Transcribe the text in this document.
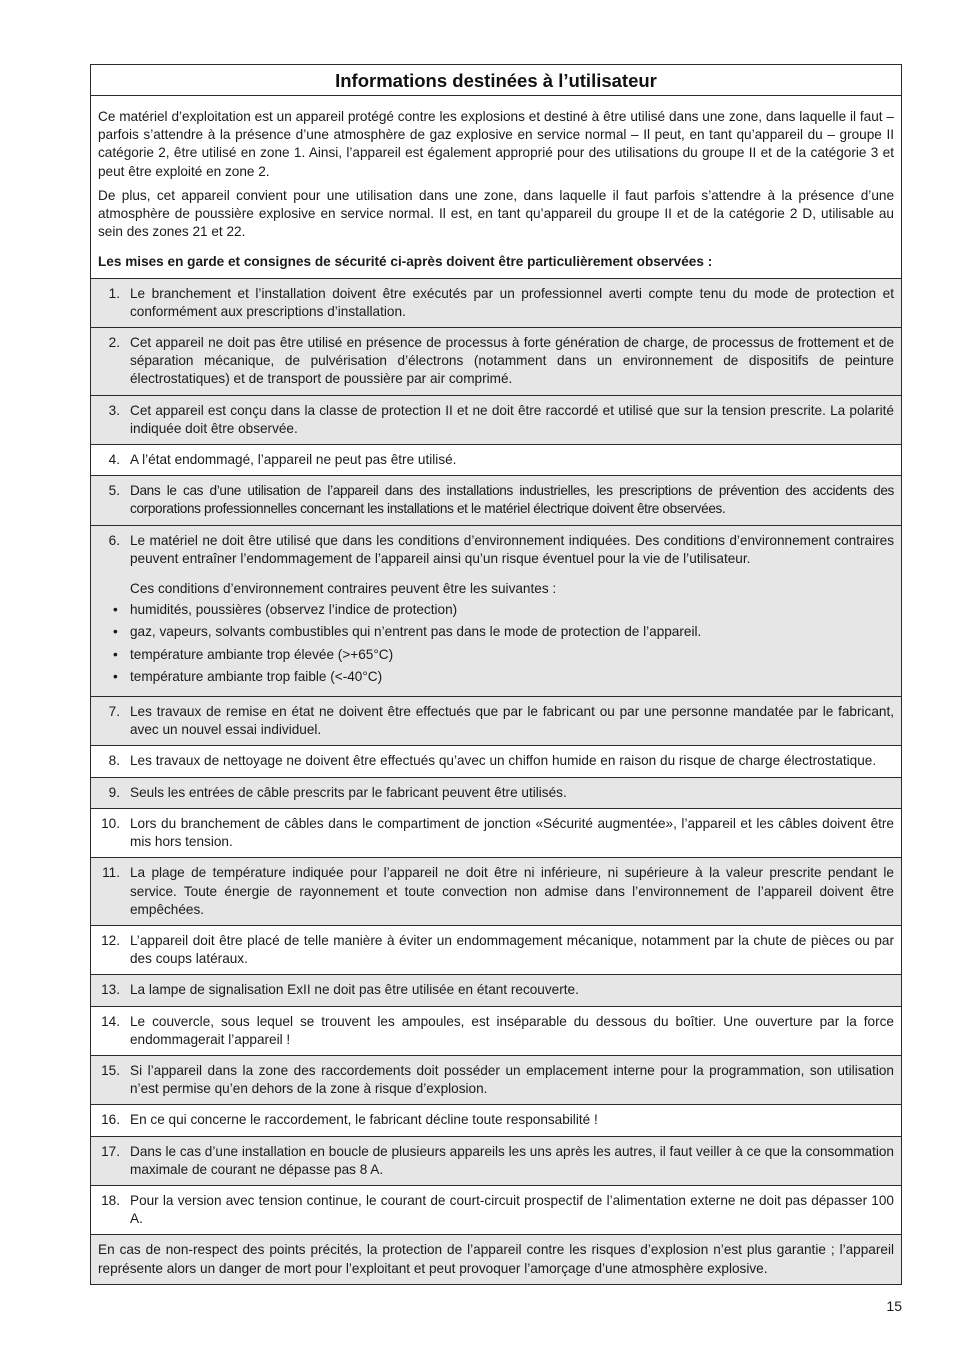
Informations destinées à l’utilisateur

Ce matériel d’exploitation est un appareil protégé contre les explosions et destiné à être utilisé dans une zone, dans laquelle il faut – parfois s’attendre à la présence d’une atmosphère de gaz explosive en service normal – Il peut, en tant qu’appareil du – groupe II catégorie 2, être utilisé en zone 1. Ainsi, l’appareil est également approprié pour des utilisations du groupe II et de la catégorie 3 et peut être exploité en zone 2.

De plus, cet appareil convient pour une utilisation dans une zone, dans laquelle il faut parfois s’attendre à la présence d’une atmosphère de poussière explosive en service normal. Il est, en tant qu’appareil du groupe II et de la catégorie 2 D, utilisable au sein des zones 21 et 22.

Les mises en garde et consignes de sécurité ci-après doivent être particulièrement observées :

1. Le branchement et l’installation doivent être exécutés par un professionnel averti compte tenu du mode de protection et conformément aux prescriptions d’installation.
2. Cet appareil ne doit pas être utilisé en présence de processus à forte génération de charge, de processus de frottement et de séparation mécanique, de pulvérisation d’électrons (notamment dans un environnement de dispositifs de peinture électrostatiques) et de transport de poussière par air comprimé.
3. Cet appareil est conçu dans la classe de protection II et ne doit être raccordé et utilisé que sur la tension prescrite. La polarité indiquée doit être observée.
4. A l’état endommagé, l’appareil ne peut pas être utilisé.
5. Dans le cas d’une utilisation de l’appareil dans des installations industrielles, les prescriptions de prévention des accidents des corporations professionnelles concernant les installations et le matériel électrique doivent être observées.
6. Le matériel ne doit être utilisé que dans les conditions d’environnement indiquées. Des conditions d’environnement contraires peuvent entraîner l’endommagement de l’appareil ainsi qu’un risque éventuel pour la vie de l’utilisateur.

Ces conditions d’environnement contraires peuvent être les suivantes :

• humidités, poussières (observez l’indice de protection)
• gaz, vapeurs, solvants combustibles qui n’entrent pas dans le mode de protection de l’appareil.
• température ambiante trop élevée (>+65°C)
• température ambiante trop faible (<-40°C)
7. Les travaux de remise en état ne doivent être effectués que par le fabricant ou par une personne mandatée par le fabricant, avec un nouvel essai individuel.
8. Les travaux de nettoyage ne doivent être effectués qu’avec un chiffon humide en raison du risque de charge électrostatique.
9. Seuls les entrées de câble prescrits par le fabricant peuvent être utilisés.
10. Lors du branchement de câbles dans le compartiment de jonction «Sécurité augmentée», l’appareil et les câbles doivent être mis hors tension.
11. La plage de température indiquée pour l’appareil ne doit être ni inférieure, ni supérieure à la valeur prescrite pendant le service. Toute énergie de rayonnement et toute convection non admise dans l’environnement de l’appareil doivent être empêchées.
12. L’appareil doit être placé de telle manière à éviter un endommagement mécanique, notamment par la chute de pièces ou par des coups latéraux.
13. La lampe de signalisation ExII ne doit pas être utilisée en étant recouverte.
14. Le couvercle, sous lequel se trouvent les ampoules, est inséparable du dessous du boîtier. Une ouverture par la force endommagerait l’appareil !
15. Si l’appareil dans la zone des raccordements doit posséder un emplacement interne pour la programmation, son utilisation n’est permise qu’en dehors de la zone à risque d’explosion.
16. En ce qui concerne le raccordement, le fabricant décline toute responsabilité !
17. Dans le cas d’une installation en boucle de plusieurs appareils les uns après les autres, il faut veiller à ce que la consommation maximale de courant ne dépasse pas 8 A.
18. Pour la version avec tension continue, le courant de court-circuit prospectif de l’alimentation externe ne doit pas dépasser 100 A.
En cas de non-respect des points précités, la protection de l’appareil contre les risques d’explosion n’est plus garantie ; l’appareil représente alors un danger de mort pour l’exploitant et peut provoquer l’amorçage d’une atmosphère explosive.
15
